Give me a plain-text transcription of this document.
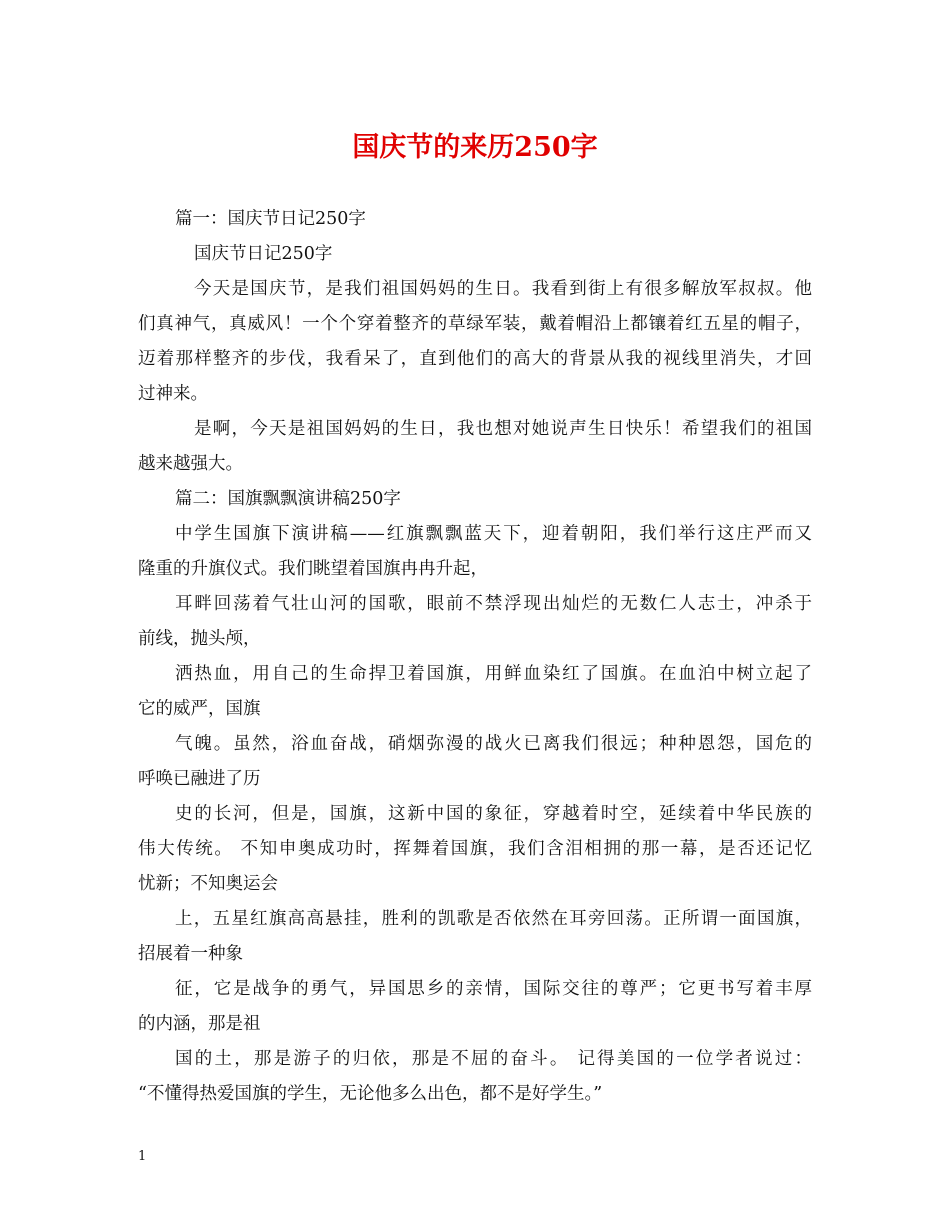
国庆节的来历250字

篇一：国庆节日记250字

国庆节日记250字

今天是国庆节，是我们祖国妈妈的生日。我看到街上有很多解放军叔叔。他

们真神气，真威风！一个个穿着整齐的草绿军装，戴着帽沿上都镶着红五星的帽子，

迈着那样整齐的步伐，我看呆了，直到他们的高大的背景从我的视线里消失，才回

过神来。

是啊，今天是祖国妈妈的生日，我也想对她说声生日快乐！希望我们的祖国

越来越强大。

篇二：国旗飘飘演讲稿250字

中学生国旗下演讲稿——红旗飘飘蓝天下，迎着朝阳，我们举行这庄严而又

隆重的升旗仪式。我们眺望着国旗冉冉升起，

耳畔回荡着气壮山河的国歌，眼前不禁浮现出灿烂的无数仁人志士，冲杀于

前线，抛头颅，

洒热血，用自己的生命捍卫着国旗，用鲜血染红了国旗。在血泊中树立起了

它的威严，国旗

气魄。虽然，浴血奋战，硝烟弥漫的战火已离我们很远；种种恩怨，国危的

呼唤已融进了历

史的长河，但是，国旗，这新中国的象征，穿越着时空，延续着中华民族的

伟大传统。 不知申奥成功时，挥舞着国旗，我们含泪相拥的那一幕，是否还记忆

忧新；不知奥运会

上，五星红旗高高悬挂，胜利的凯歌是否依然在耳旁回荡。正所谓一面国旗，

招展着一种象

征，它是战争的勇气，异国思乡的亲情，国际交往的尊严；它更书写着丰厚

的内涵，那是祖

国的土，那是游子的归依，那是不屈的奋斗。 记得美国的一位学者说过：

“不懂得热爱国旗的学生，无论他多么出色，都不是好学生。”

1
